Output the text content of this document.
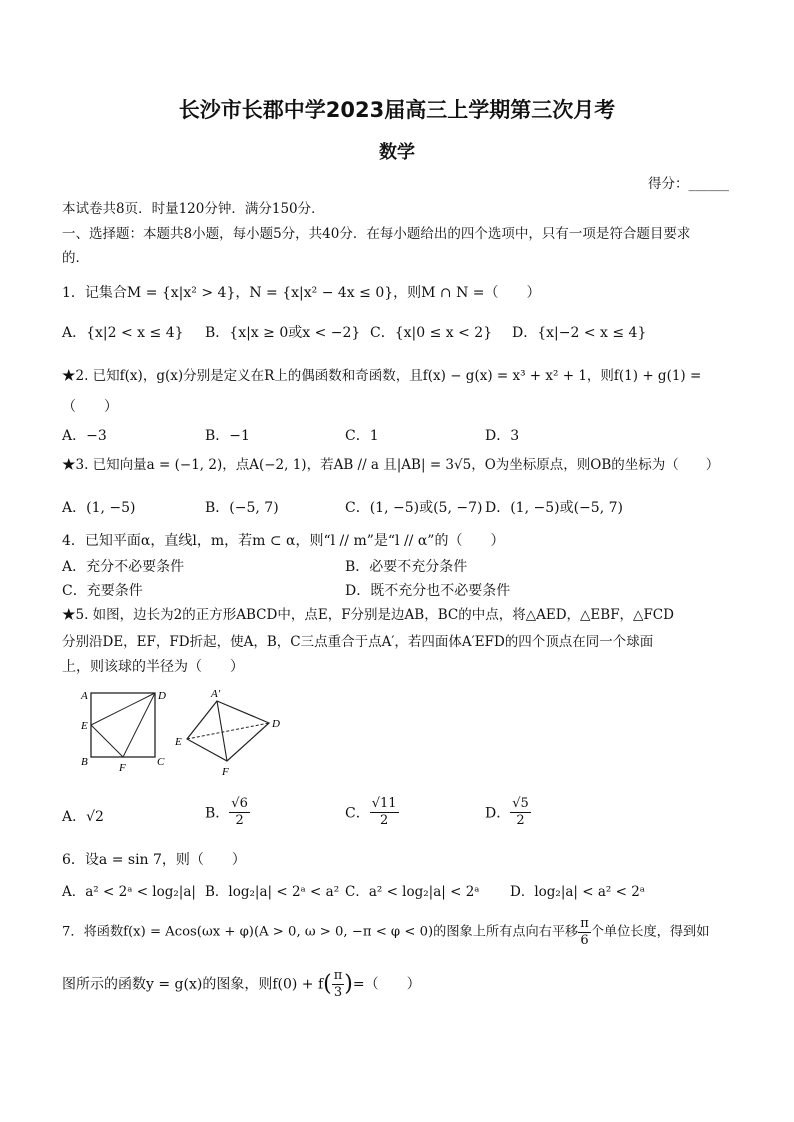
长沙市长郡中学2023届高三上学期第三次月考
数学
得分：______
本试卷共8页．时量120分钟．满分150分．
一、选择题：本题共8小题，每小题5分，共40分．在每小题给出的四个选项中，只有一项是符合题目要求
的．
1．记集合M = {x|x² > 4}，N = {x|x² − 4x ≤ 0}，则M ∩ N =（　　）
A．{x|2 < x ≤ 4} B．{x|x ≥ 0或x < −2} C．{x|0 ≤ x < 2} D．{x|−2 < x ≤ 4}
★2. 已知f(x)，g(x)分别是定义在R上的偶函数和奇函数，且f(x) − g(x) = x³ + x² + 1，则f(1) + g(1) =
（　　）
A．−3	B．−1	C．1	D．3
★3. 已知向量a = (−1, 2)，点A(−2, 1)，若AB // a 且|AB| = 3√5，O为坐标原点，则OB的坐标为（　　）
A．(1, −5)	B．(−5, 7)	C．(1, −5)或(5, −7) D．(1, −5)或(−5, 7)
4．已知平面α，直线l，m，若m ⊂ α，则“l // m”是“l // α”的（　　）
A．充分不必要条件	B．必要不充分条件
C．充要条件	D．既不充分也不必要条件
★5. 如图，边长为2的正方形ABCD中，点E，F分别是边AB，BC的中点，将△AED，△EBF，△FCD
分别沿DE，EF，FD折起，使A，B，C三点重合于点A′，若四面体A′EFD的四个顶点在同一个球面
上，则该球的半径为（　　）
A	D
E
B	F	C
A′
D
E
F
A．√2	B． $\frac{√6}{2}$	C． $\frac{√11}{2}$	D． $\frac{√5}{2}$
6．设a = sin 7，则（　　）
A．a² < 2ᵃ < log₂|a| B．log₂|a| < 2ᵃ < a² C．a² < log₂|a| < 2ᵃ D．log₂|a| < a² < 2ᵃ
7．将函数f(x) = Acos(ωx + φ)(A > 0, ω > 0, −π < φ < 0)的图象上所有点向右平移 $\frac{\pi}{6}$ 个单位长度，得到如
图所示的函数y = g(x)的图象，则$f(0) + f( \frac{\pi}{3}$ )=（　　）
